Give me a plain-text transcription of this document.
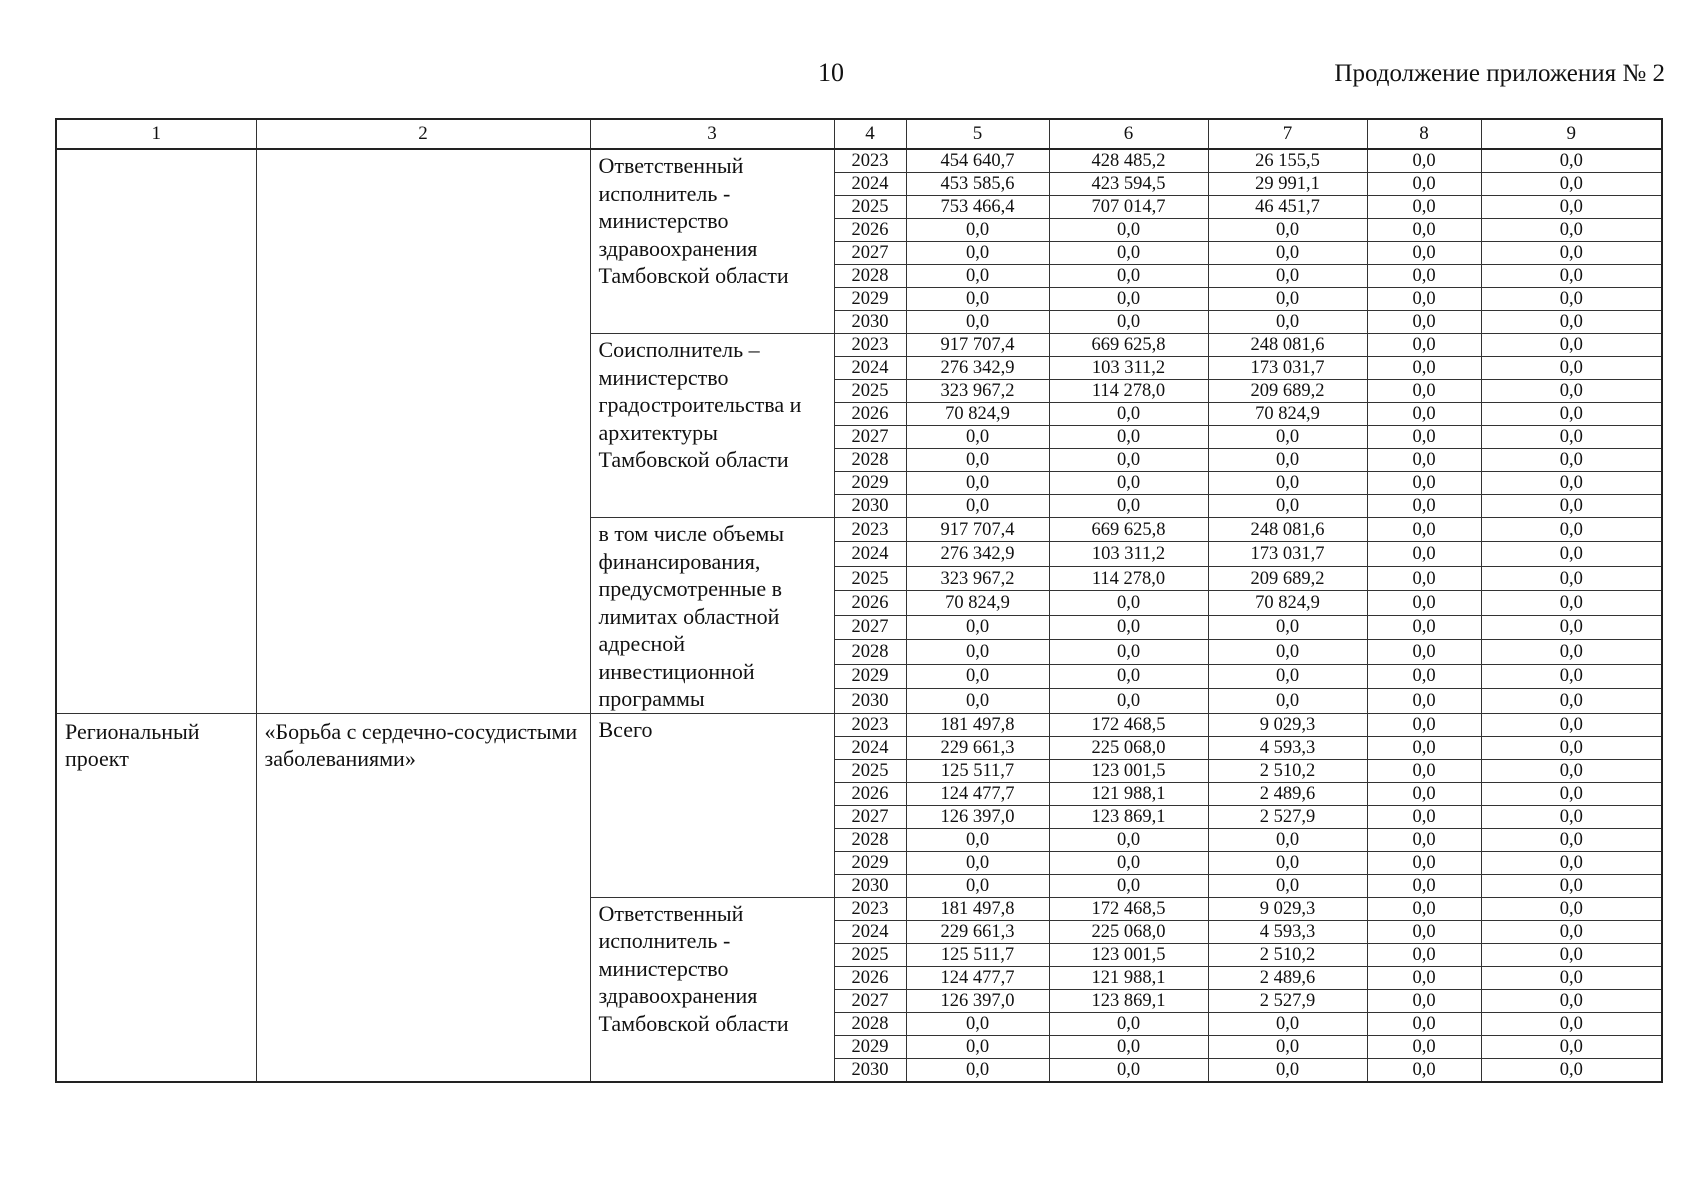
10	Продолжение приложения № 2
1	2	3	4	5	6	7	8	9
		Ответственный исполнитель - министерство здравоохранения Тамбовской области	2023	454 640,7	428 485,2	26 155,5	0,0	0,0
			2024	453 585,6	423 594,5	29 991,1	0,0	0,0
			2025	753 466,4	707 014,7	46 451,7	0,0	0,0
			2026	0,0	0,0	0,0	0,0	0,0
			2027	0,0	0,0	0,0	0,0	0,0
			2028	0,0	0,0	0,0	0,0	0,0
			2029	0,0	0,0	0,0	0,0	0,0
			2030	0,0	0,0	0,0	0,0	0,0
		Соисполнитель – министерство градостроительства и архитектуры Тамбовской области	2023	917 707,4	669 625,8	248 081,6	0,0	0,0
			2024	276 342,9	103 311,2	173 031,7	0,0	0,0
			2025	323 967,2	114 278,0	209 689,2	0,0	0,0
			2026	70 824,9	0,0	70 824,9	0,0	0,0
			2027	0,0	0,0	0,0	0,0	0,0
			2028	0,0	0,0	0,0	0,0	0,0
			2029	0,0	0,0	0,0	0,0	0,0
			2030	0,0	0,0	0,0	0,0	0,0
		в том числе объемы финансирования, предусмотренные в лимитах областной адресной инвестиционной программы	2023	917 707,4	669 625,8	248 081,6	0,0	0,0
			2024	276 342,9	103 311,2	173 031,7	0,0	0,0
			2025	323 967,2	114 278,0	209 689,2	0,0	0,0
			2026	70 824,9	0,0	70 824,9	0,0	0,0
			2027	0,0	0,0	0,0	0,0	0,0
			2028	0,0	0,0	0,0	0,0	0,0
			2029	0,0	0,0	0,0	0,0	0,0
			2030	0,0	0,0	0,0	0,0	0,0
Региональный проект	«Борьба с сердечно-сосудистыми заболеваниями»	Всего	2023	181 497,8	172 468,5	9 029,3	0,0	0,0
			2024	229 661,3	225 068,0	4 593,3	0,0	0,0
			2025	125 511,7	123 001,5	2 510,2	0,0	0,0
			2026	124 477,7	121 988,1	2 489,6	0,0	0,0
			2027	126 397,0	123 869,1	2 527,9	0,0	0,0
			2028	0,0	0,0	0,0	0,0	0,0
			2029	0,0	0,0	0,0	0,0	0,0
			2030	0,0	0,0	0,0	0,0	0,0
		Ответственный исполнитель - министерство здравоохранения Тамбовской области	2023	181 497,8	172 468,5	9 029,3	0,0	0,0
			2024	229 661,3	225 068,0	4 593,3	0,0	0,0
			2025	125 511,7	123 001,5	2 510,2	0,0	0,0
			2026	124 477,7	121 988,1	2 489,6	0,0	0,0
			2027	126 397,0	123 869,1	2 527,9	0,0	0,0
			2028	0,0	0,0	0,0	0,0	0,0
			2029	0,0	0,0	0,0	0,0	0,0
			2030	0,0	0,0	0,0	0,0	0,0
